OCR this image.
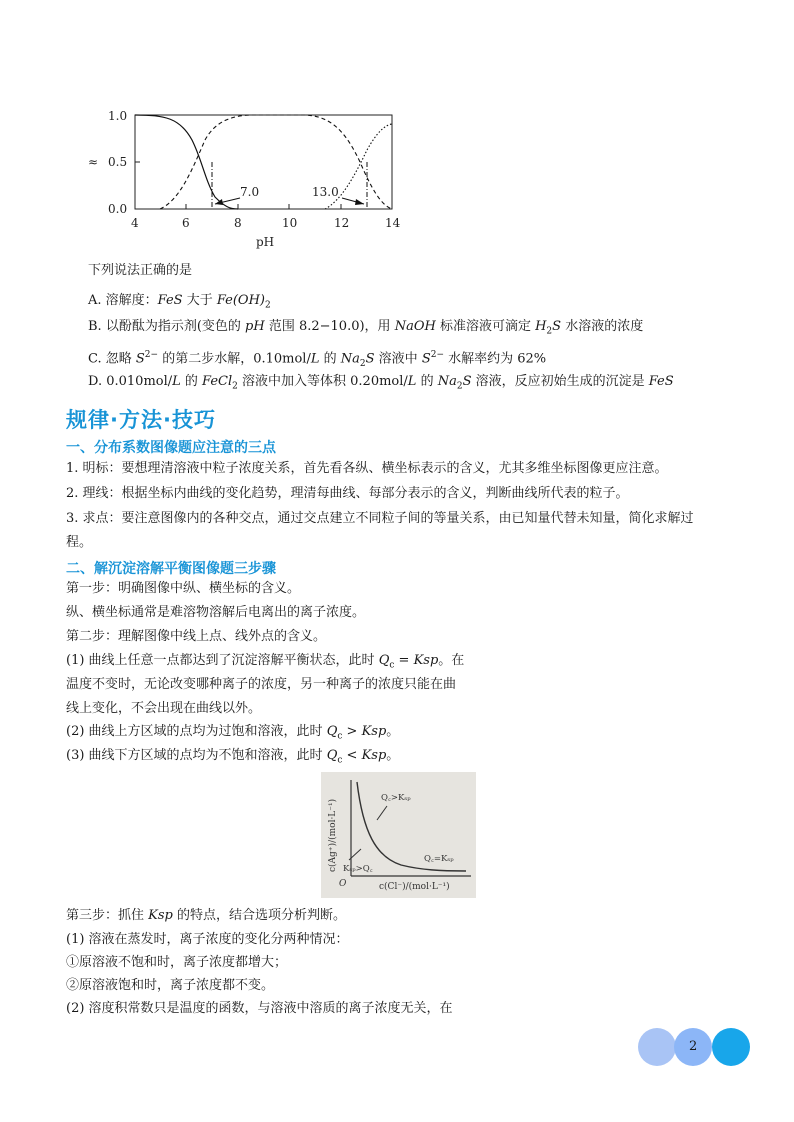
1.0
0.5
0.0
≈
4	6	8	10	12	14
pH
7.0	13.0
下列说法正确的是
A. 溶解度：FeS 大于 $Fe(OH)_2$
B. 以酚酞为指示剂(变色的 pH 范围 8.2−10.0)，用 NaOH 标准溶液可滴定 $H_2S$ 水溶液的浓度
C. 忽略 $S^{2-}$ 的第二步水解，0.10mol/L 的 $Na_2S$ 溶液中 $S^{2-}$ 水解率约为 62%
D. 0.010mol/L 的 FeCl$_2$ 溶液中加入等体积 0.20mol/L 的 $Na_2S$ 溶液，反应初始生成的沉淀是 FeS
规律·方法·技巧
一、分布系数图像题应注意的三点
1. 明标：要想理清溶液中粒子浓度关系，首先看各纵、横坐标表示的含义，尤其多维坐标图像更应注意。
2. 理线：根据坐标内曲线的变化趋势，理清每曲线、每部分表示的含义，判断曲线所代表的粒子。
3. 求点：要注意图像内的各种交点，通过交点建立不同粒子间的等量关系，由已知量代替未知量，简化求解过
程。
二、解沉淀溶解平衡图像题三步骤
第一步：明确图像中纵、横坐标的含义。
纵、横坐标通常是难溶物溶解后电离出的离子浓度。
第二步：理解图像中线上点、线外点的含义。
(1) 曲线上任意一点都达到了沉淀溶解平衡状态，此时 $Q_c$ = Ksp。在
温度不变时，无论改变哪种离子的浓度，另一种离子的浓度只能在曲
线上变化，不会出现在曲线以外。
(2) 曲线上方区域的点均为过饱和溶液，此时 $Q_c$ > Ksp。
(3) 曲线下方区域的点均为不饱和溶液，此时 $Q_c$ < Ksp。
c(Ag⁺)/(mol·L⁻¹)
c(Cl⁻)/(mol·L⁻¹)
O
Q꜀>Kₛₚ
Q꜀=Kₛₚ
Kₛₚ>Q꜀
第三步：抓住 Ksp 的特点，结合选项分析判断。
(1) 溶液在蒸发时，离子浓度的变化分两种情况：
①原溶液不饱和时，离子浓度都增大；
②原溶液饱和时，离子浓度都不变。
(2) 溶度积常数只是温度的函数，与溶液中溶质的离子浓度无关，在
2
